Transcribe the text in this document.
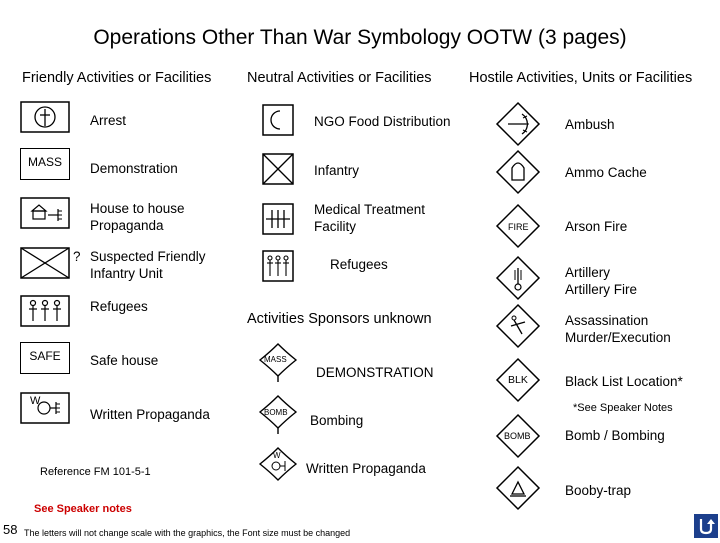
Operations Other Than War Symbology OOTW (3 pages)
Friendly Activities or Facilities Neutral Activities or Facilities	Hostile Activities, Units or Facilities
Arrest
MASS Demonstration
House to house
Propaganda
? Suspected Friendly
Infantry Unit
Refugees
SAFE Safe house
W
Written Propaganda
Reference FM 101-5-1
NGO Food Distribution
Infantry
Medical Treatment
Facility
Refugees
Activities Sponsors unknown
MASS
DEMONSTRATION
BOMB
Bombing
W
Written Propaganda
Ambush
Ammo Cache
FIRE	Arson Fire
Artillery
Artillery Fire
Assassination
Murder/Execution
BLK	Black List Location*
*See Speaker Notes
BOMB	Bomb / Bombing
Booby-trap
See Speaker notes
58 The letters will not change scale with the graphics, the Font size must be changed
